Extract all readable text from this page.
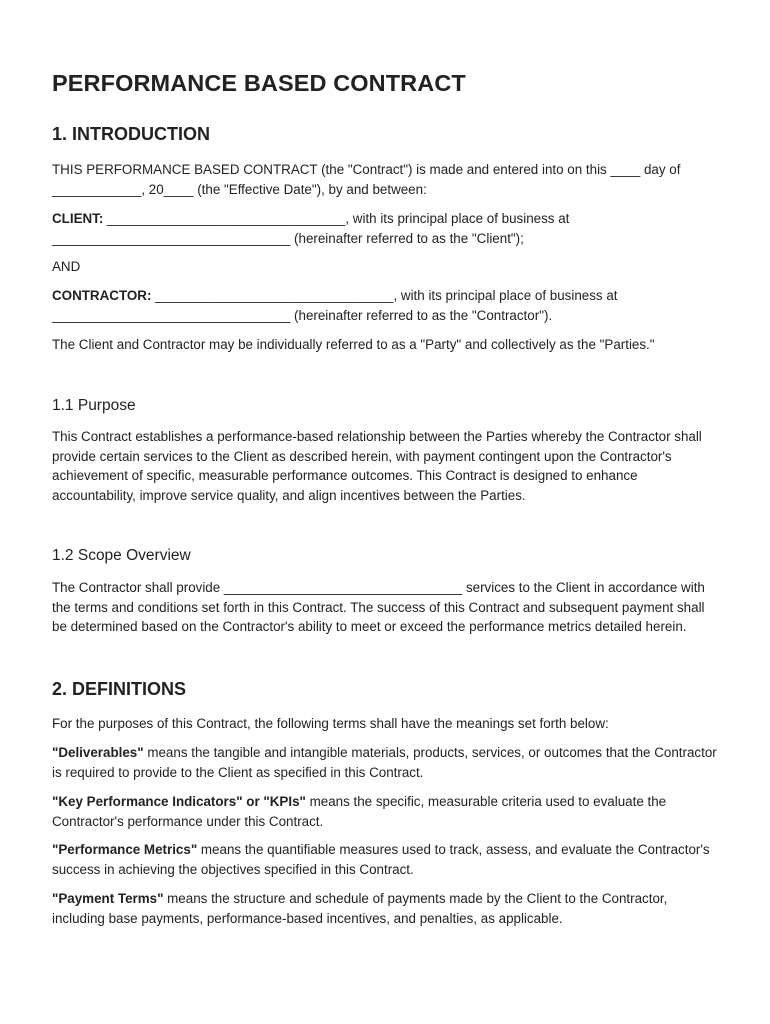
PERFORMANCE BASED CONTRACT
1. INTRODUCTION

THIS PERFORMANCE BASED CONTRACT (the "Contract") is made and entered into on this ____ day of ____________, 20____ (the "Effective Date"), by and between:

CLIENT: ________________________________, with its principal place of business at ________________________________ (hereinafter referred to as the "Client");

AND

CONTRACTOR: ________________________________, with its principal place of business at ________________________________ (hereinafter referred to as the "Contractor").

The Client and Contractor may be individually referred to as a "Party" and collectively as the "Parties."

1.1 Purpose

This Contract establishes a performance-based relationship between the Parties whereby the Contractor shall provide certain services to the Client as described herein, with payment contingent upon the Contractor's achievement of specific, measurable performance outcomes. This Contract is designed to enhance accountability, improve service quality, and align incentives between the Parties.

1.2 Scope Overview

The Contractor shall provide ________________________________ services to the Client in accordance with the terms and conditions set forth in this Contract. The success of this Contract and subsequent payment shall be determined based on the Contractor's ability to meet or exceed the performance metrics detailed herein.

2. DEFINITIONS

For the purposes of this Contract, the following terms shall have the meanings set forth below:

"Deliverables" means the tangible and intangible materials, products, services, or outcomes that the Contractor is required to provide to the Client as specified in this Contract.

"Key Performance Indicators" or "KPIs" means the specific, measurable criteria used to evaluate the Contractor's performance under this Contract.

"Performance Metrics" means the quantifiable measures used to track, assess, and evaluate the Contractor's success in achieving the objectives specified in this Contract.

"Payment Terms" means the structure and schedule of payments made by the Client to the Contractor, including base payments, performance-based incentives, and penalties, as applicable.
